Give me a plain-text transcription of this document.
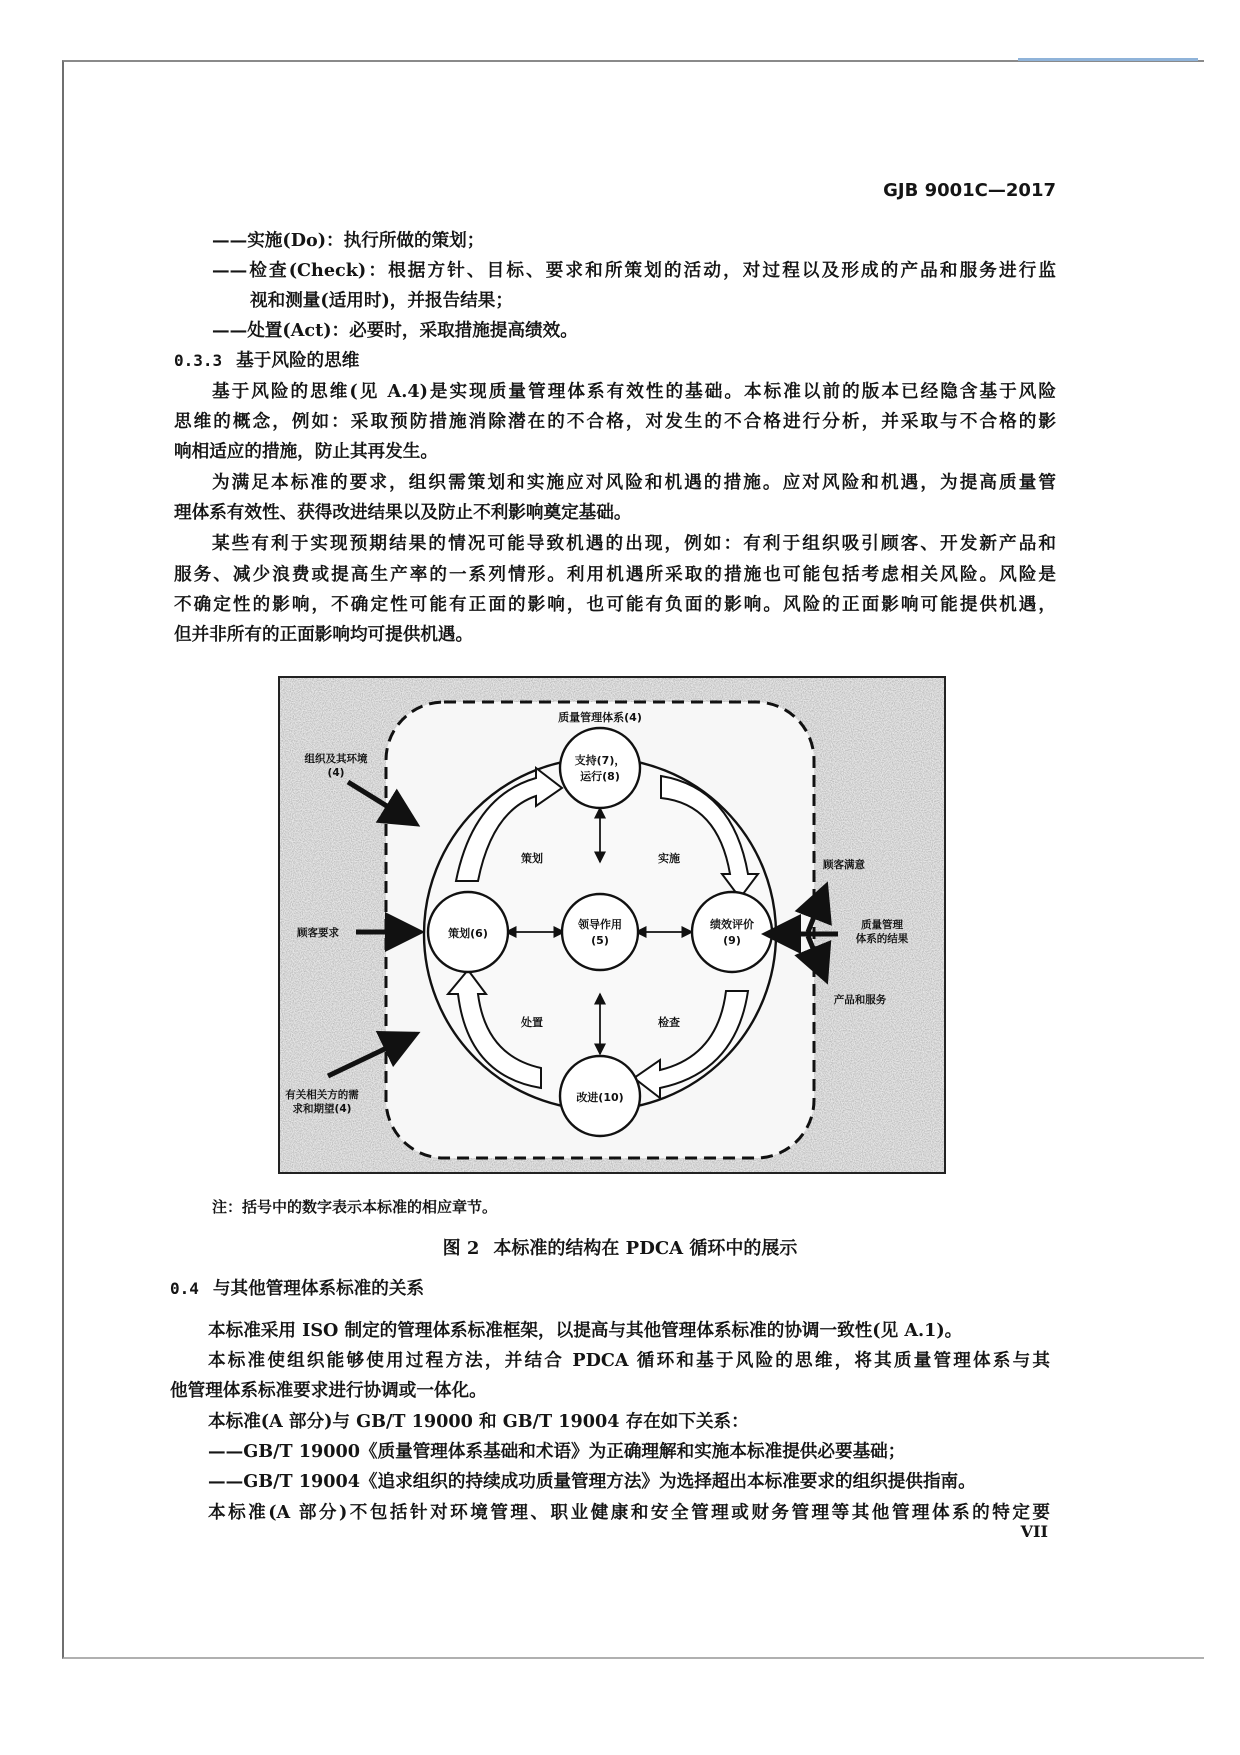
GJB 9001C—2017
——实施(Do)：执行所做的策划；
——检查(Check)：根据方针、目标、要求和所策划的活动，对过程以及形成的产品和服务进行监
视和测量(适用时)，并报告结果；
——处置(Act)：必要时，采取措施提高绩效。
0.3.3 基于风险的思维
基于风险的思维(见 A.4)是实现质量管理体系有效性的基础。本标准以前的版本已经隐含基于风险
思维的概念，例如：采取预防措施消除潜在的不合格，对发生的不合格进行分析，并采取与不合格的影
响相适应的措施，防止其再发生。
为满足本标准的要求，组织需策划和实施应对风险和机遇的措施。应对风险和机遇，为提高质量管
理体系有效性、获得改进结果以及防止不利影响奠定基础。
某些有利于实现预期结果的情况可能导致机遇的出现，例如：有利于组织吸引顾客、开发新产品和
服务、减少浪费或提高生产率的一系列情形。利用机遇所采取的措施也可能包括考虑相关风险。风险是
不确定性的影响，不确定性可能有正面的影响，也可能有负面的影响。风险的正面影响可能提供机遇，
但并非所有的正面影响均可提供机遇。
质量管理体系(4)
支持(7)，
运行(8)
策划(6)
领导作用
(5)
绩效评价
(9)
改进(10)
策划	实施
检查
处置
组织及其环境
(4)
顾客要求
有关相关方的需
求和期望(4)
顾客满意
质量管理
体系的结果
产品和服务
注：括号中的数字表示本标准的相应章节。
图 2 本标准的结构在 PDCA 循环中的展示
0.4 与其他管理体系标准的关系
本标准采用 ISO 制定的管理体系标准框架，以提高与其他管理体系标准的协调一致性(见 A.1)。
本标准使组织能够使用过程方法，并结合 PDCA 循环和基于风险的思维，将其质量管理体系与其
他管理体系标准要求进行协调或一体化。
本标准(A 部分)与 GB/T 19000 和 GB/T 19004 存在如下关系：
——GB/T 19000《质量管理体系基础和术语》为正确理解和实施本标准提供必要基础；
——GB/T 19004《追求组织的持续成功质量管理方法》为选择超出本标准要求的组织提供指南。
本标准(A 部分)不包括针对环境管理、职业健康和安全管理或财务管理等其他管理体系的特定要
VII
